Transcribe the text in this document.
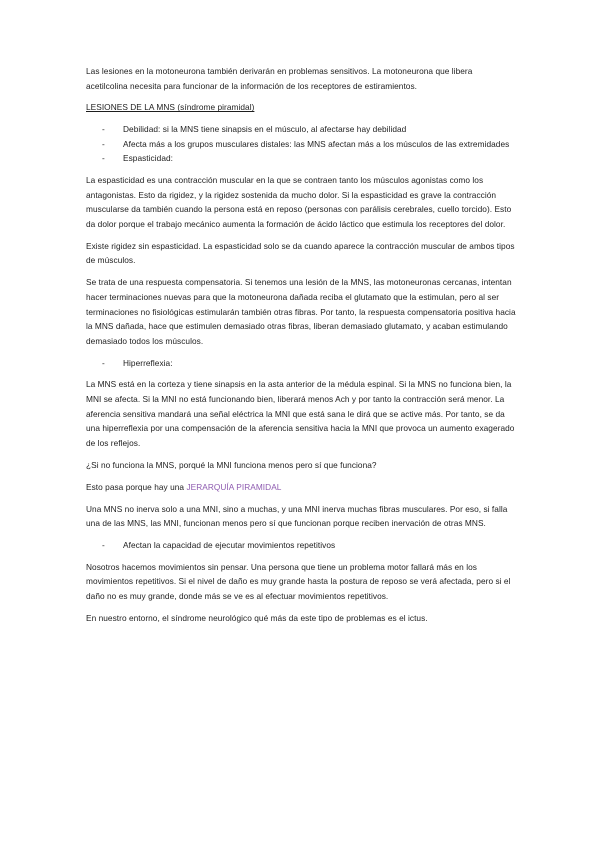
Las lesiones en la motoneurona también derivarán en problemas sensitivos. La motoneurona que libera acetilcolina necesita para funcionar de la información de los receptores de estiramientos.

LESIONES DE LA MNS (síndrome piramidal)

- Debilidad: si la MNS tiene sinapsis en el músculo, al afectarse hay debilidad
- Afecta más a los grupos musculares distales: las MNS afectan más a los músculos de las extremidades
- Espasticidad:

La espasticidad es una contracción muscular en la que se contraen tanto los músculos agonistas como los antagonistas. Esto da rigidez, y la rigidez sostenida da mucho dolor. Si la espasticidad es grave la contracción muscularse da también cuando la persona está en reposo (personas con parálisis cerebrales, cuello torcido). Esto da dolor porque el trabajo mecánico aumenta la formación de ácido láctico que estimula los receptores del dolor.

Existe rigidez sin espasticidad. La espasticidad solo se da cuando aparece la contracción muscular de ambos tipos de músculos.

Se trata de una respuesta compensatoria. Si tenemos una lesión de la MNS, las motoneuronas cercanas, intentan hacer terminaciones nuevas para que la motoneurona dañada reciba el glutamato que la estimulan, pero al ser terminaciones no fisiológicas estimularán también otras fibras. Por tanto, la respuesta compensatoria positiva hacia la MNS dañada, hace que estimulen demasiado otras fibras, liberan demasiado glutamato, y acaban estimulando demasiado todos los músculos.

- Hiperreflexia:

La MNS está en la corteza y tiene sinapsis en la asta anterior de la médula espinal. Si la MNS no funciona bien, la MNI se afecta. Si la MNI no está funcionando bien, liberará menos Ach y por tanto la contracción será menor. La aferencia sensitiva mandará una señal eléctrica la MNI que está sana le dirá que se active más. Por tanto, se da una hiperreflexia por una compensación de la aferencia sensitiva hacia la MNI que provoca un aumento exagerado de los reflejos.

¿Si no funciona la MNS, porqué la MNI funciona menos pero sí que funciona?

Esto pasa porque hay una JERARQUÍA PIRAMIDAL

Una MNS no inerva solo a una MNI, sino a muchas, y una MNI inerva muchas fibras musculares. Por eso, si falla una de las MNS, las MNI, funcionan menos pero sí que funcionan porque reciben inervación de otras MNS.

- Afectan la capacidad de ejecutar movimientos repetitivos

Nosotros hacemos movimientos sin pensar. Una persona que tiene un problema motor fallará más en los movimientos repetitivos. Si el nivel de daño es muy grande hasta la postura de reposo se verá afectada, pero si el daño no es muy grande, donde más se ve es al efectuar movimientos repetitivos.

En nuestro entorno, el síndrome neurológico qué más da este tipo de problemas es el ictus.
